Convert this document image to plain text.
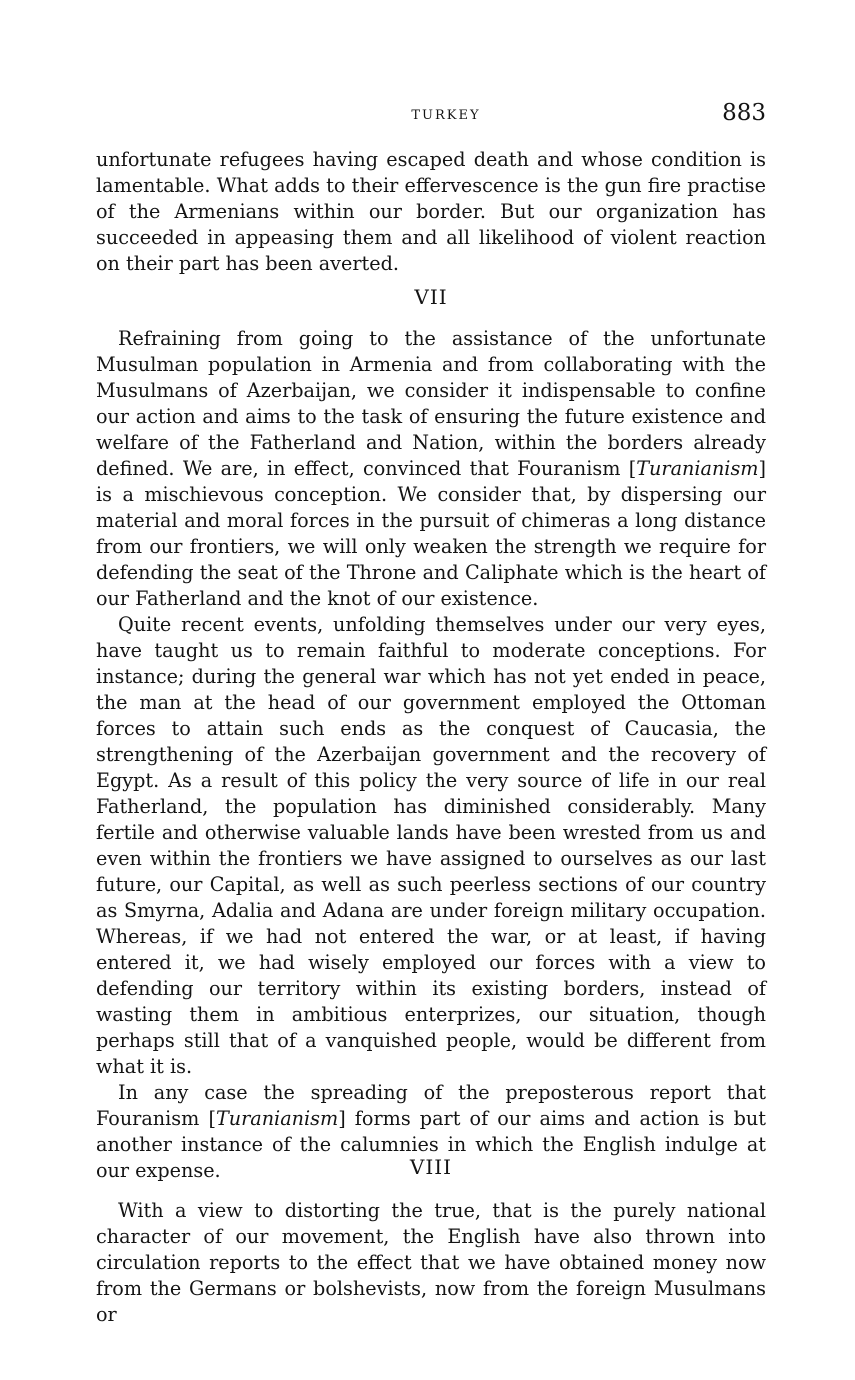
TURKEY	883

unfortunate refugees having escaped death and whose condition is lamentable. What adds to their effervescence is the gun fire practise of the Armenians within our border. But our organization has succeeded in appeasing them and all likelihood of violent reaction on their part has been averted.

VII

Refraining from going to the assistance of the unfortunate Musulman population in Armenia and from collaborating with the Musulmans of Azerbaijan, we consider it indispensable to confine our action and aims to the task of ensuring the future existence and welfare of the Fatherland and Nation, within the borders already defined. We are, in effect, convinced that Fouranism [Turanianism] is a mischievous conception. We consider that, by dispersing our material and moral forces in the pursuit of chimeras a long distance from our frontiers, we will only weaken the strength we require for defending the seat of the Throne and Caliphate which is the heart of our Fatherland and the knot of our existence.

Quite recent events, unfolding themselves under our very eyes, have taught us to remain faithful to moderate conceptions. For instance; during the general war which has not yet ended in peace, the man at the head of our government employed the Ottoman forces to attain such ends as the conquest of Caucasia, the strengthening of the Azerbaijan government and the recovery of Egypt. As a result of this policy the very source of life in our real Fatherland, the population has diminished considerably. Many fertile and otherwise valuable lands have been wrested from us and even within the frontiers we have assigned to ourselves as our last future, our Capital, as well as such peerless sections of our country as Smyrna, Adalia and Adana are under foreign military occupation. Whereas, if we had not entered the war, or at least, if having entered it, we had wisely employed our forces with a view to defending our territory within its existing borders, instead of wasting them in ambitious enterprizes, our situation, though perhaps still that of a vanquished people, would be different from what it is.

In any case the spreading of the preposterous report that Fouranism [Turanianism] forms part of our aims and action is but another instance of the calumnies in which the English indulge at our expense.	VIII

With a view to distorting the true, that is the purely national character of our movement, the English have also thrown into circulation reports to the effect that we have obtained money now from the Germans or bolshevists, now from the foreign Musulmans or
